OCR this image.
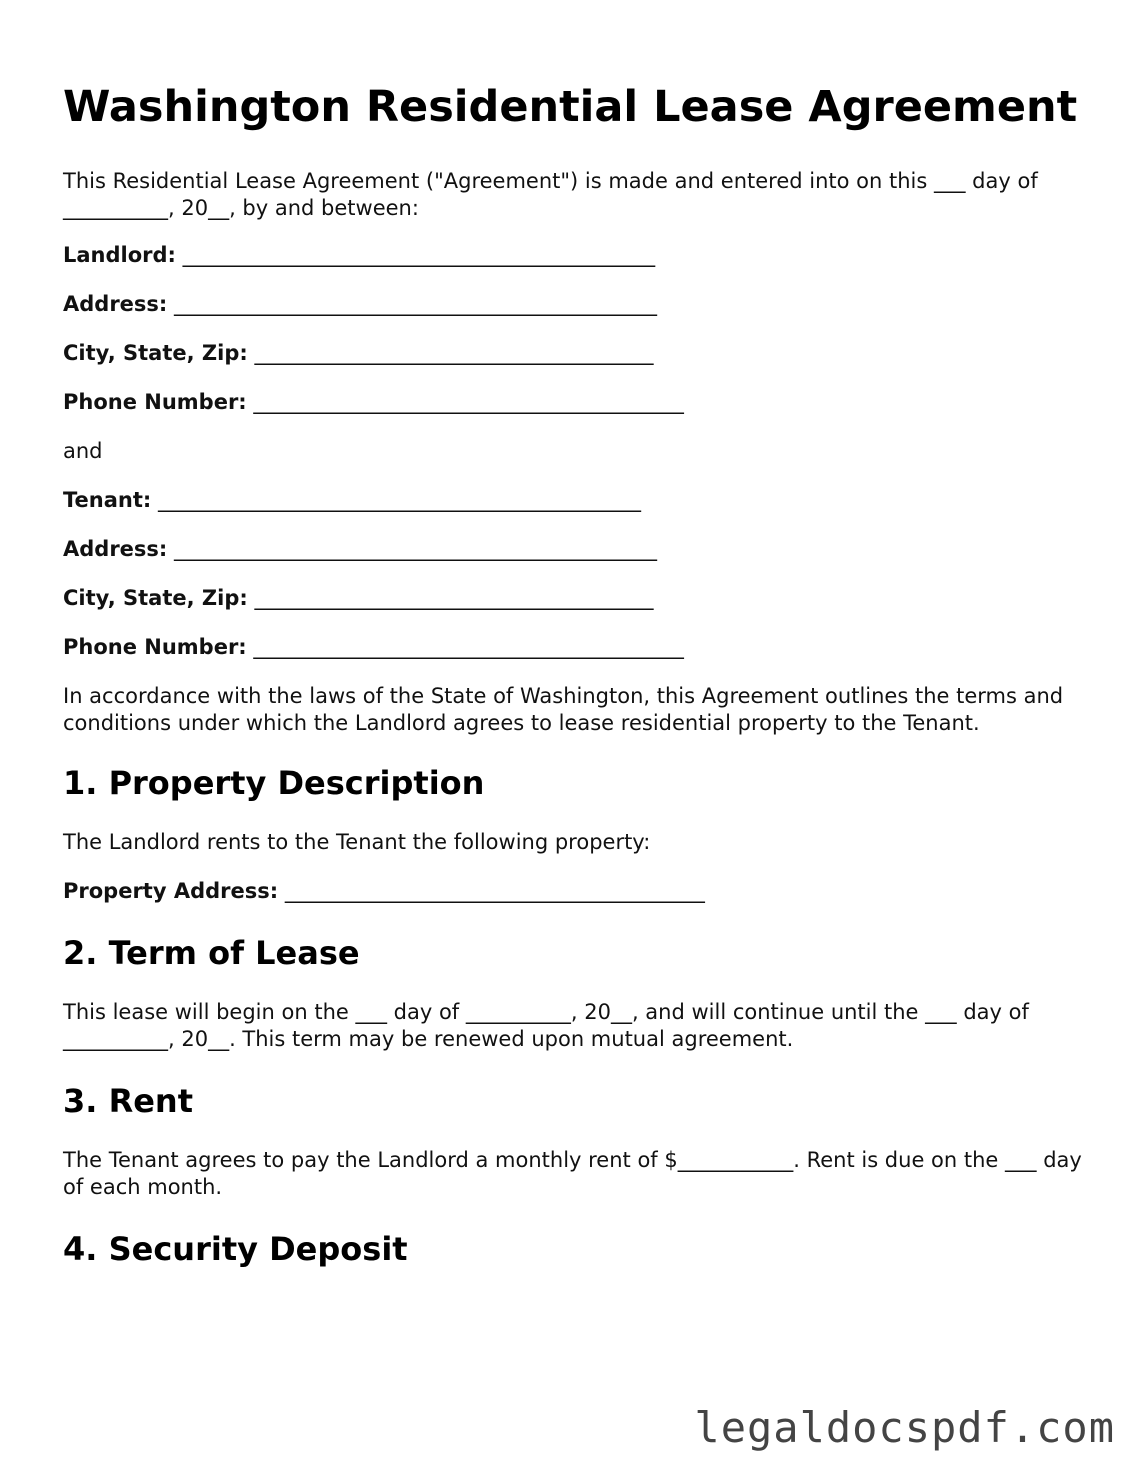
Washington Residential Lease Agreement

This Residential Lease Agreement ("Agreement") is made and entered into on this ___ day of __________, 20__, by and between:

Landlord: _____________________________________________
Address: ______________________________________________
City, State, Zip: ______________________________________
Phone Number: _________________________________________

and

Tenant: ______________________________________________
Address: ______________________________________________
City, State, Zip: ______________________________________
Phone Number: _________________________________________

In accordance with the laws of the State of Washington, this Agreement outlines the terms and conditions under which the Landlord agrees to lease residential property to the Tenant.

1. Property Description

The Landlord rents to the Tenant the following property:

Property Address: ________________________________________
2. Term of Lease

This lease will begin on the ___ day of __________, 20__, and will continue until the ___ day of __________, 20__. This term may be renewed upon mutual agreement.

3. Rent

The Tenant agrees to pay the Landlord a monthly rent of $___________. Rent is due on the ___ day of each month.

4. Security Deposit
legaldocspdf.com
